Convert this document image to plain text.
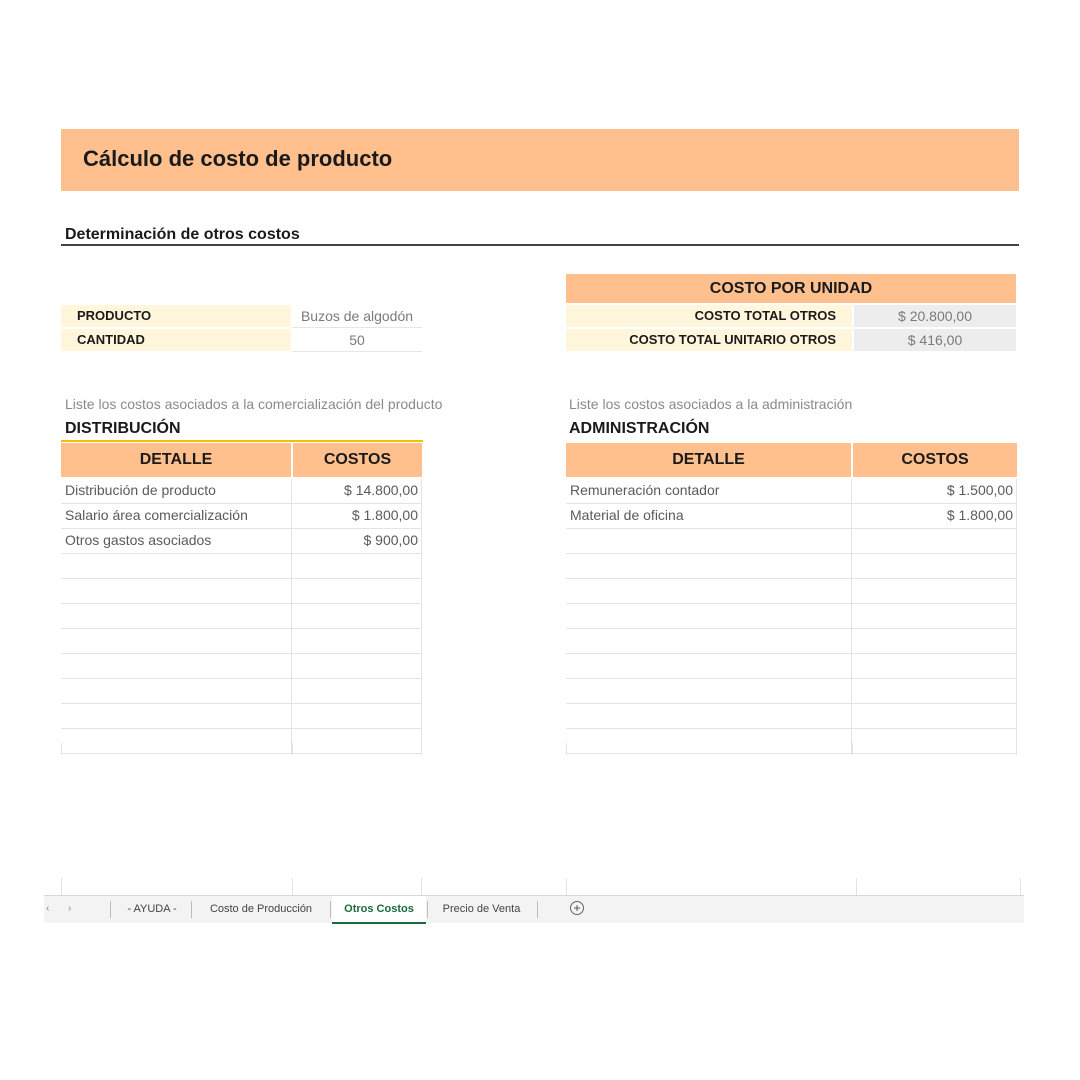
Cálculo de costo de producto
Determinación de otros costos
PRODUCTO	Buzos de algodón
CANTIDAD	50
COSTO POR UNIDAD
COSTO TOTAL OTROS	$ 20.800,00
COSTO TOTAL UNITARIO OTROS	$ 416,00
Liste los costos asociados a la comercialización del producto
DISTRIBUCIÓN
DETALLE	COSTOS
Distribución de producto	$ 14.800,00
Salario área comercialización	$ 1.800,00
Otros gastos asociados	$ 900,00
Liste los costos asociados a la administración
ADMINISTRACIÓN
DETALLE	COSTOS
Remuneración contador	$ 1.500,00
Material de oficina	$ 1.800,00
‹ ›	- AYUDA -	Costo de Producción	Otros Costos	Precio de Venta	+
